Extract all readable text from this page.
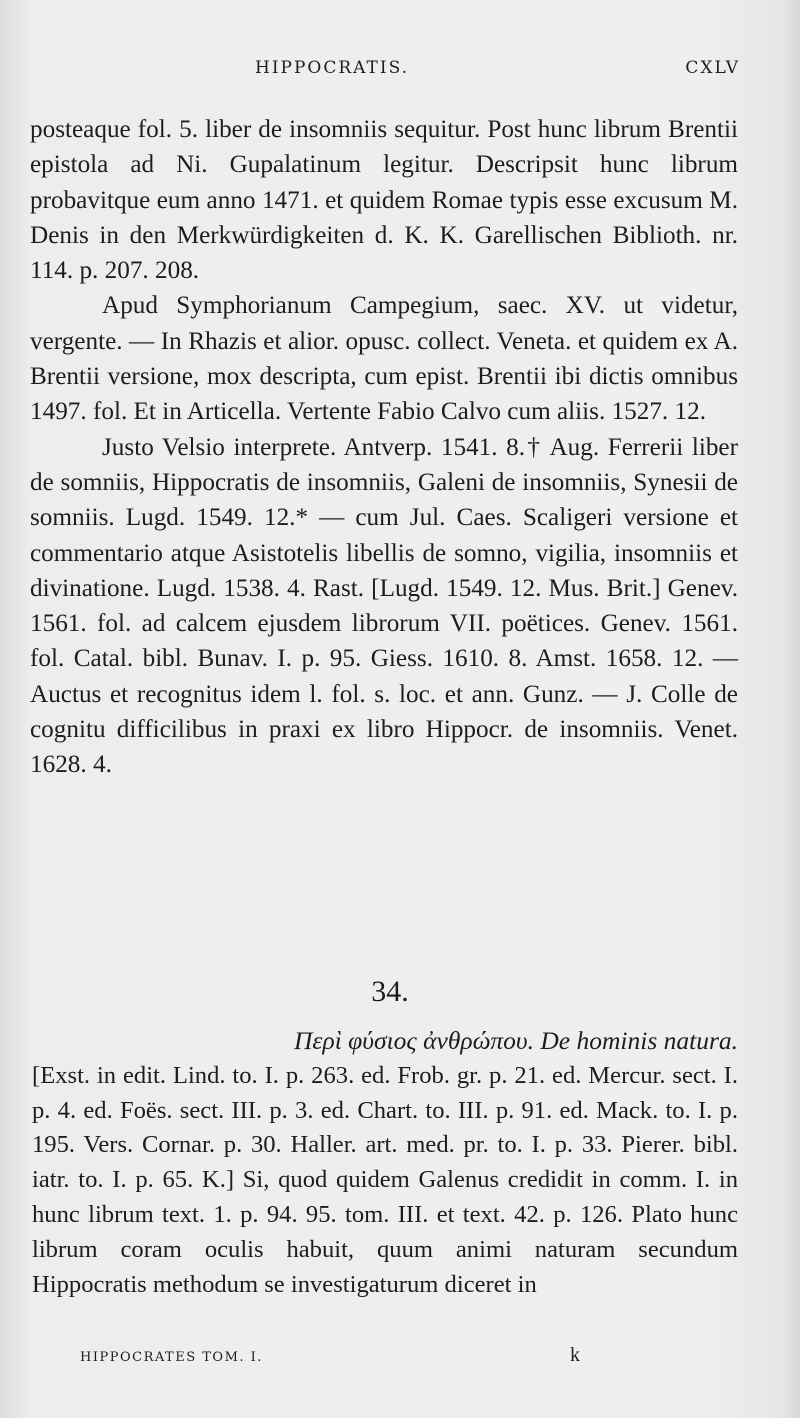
HIPPOCRATIS.	CXLV

posteaque fol. 5. liber de insomniis sequitur. Post hunc librum Brentii epistola ad Ni. Gupalatinum legitur. Descripsit hunc librum probavitque eum anno 1471. et quidem Romae typis esse excusum M. Denis in den Merkwürdigkeiten d. K. K. Garellischen Biblioth. nr. 114. p. 207. 208.

Apud Symphorianum Campegium, saec. XV. ut videtur, vergente. — In Rhazis et alior. opusc. collect. Veneta. et quidem ex A. Brentii versione, mox descripta, cum epist. Brentii ibi dictis omnibus 1497. fol. Et in Articella. Vertente Fabio Calvo cum aliis. 1527. 12.

Justo Velsio interprete. Antverp. 1541. 8.† Aug. Ferrerii liber de somniis, Hippocratis de insomniis, Galeni de insomniis, Synesii de somniis. Lugd. 1549. 12.* — cum Jul. Caes. Scaligeri versione et commentario atque Asistotelis libellis de somno, vigilia, insomniis et divinatione. Lugd. 1538. 4. Rast. [Lugd. 1549. 12. Mus. Brit.] Genev. 1561. fol. ad calcem ejusdem librorum VII. poëtices. Genev. 1561. fol. Catal. bibl. Bunav. I. p. 95. Giess. 1610. 8. Amst. 1658. 12. — Auctus et recognitus idem l. fol. s. loc. et ann. Gunz. — J. Colle de cognitu difficilibus in praxi ex libro Hippocr. de insomniis. Venet. 1628. 4.

34.

Περὶ φύσιος ἀνθρώπου. De hominis natura.

[Exst. in edit. Lind. to. I. p. 263. ed. Frob. gr. p. 21. ed. Mercur. sect. I. p. 4. ed. Foës. sect. III. p. 3. ed. Chart. to. III. p. 91. ed. Mack. to. I. p. 195. Vers. Cornar. p. 30. Haller. art. med. pr. to. I. p. 33. Pierer. bibl. iatr. to. I. p. 65. K.] Si, quod quidem Galenus credidit in comm. I. in hunc librum text. 1. p. 94. 95. tom. III. et text. 42. p. 126. Plato hunc librum coram oculis habuit, quum animi naturam secundum Hippocratis methodum se investigaturum diceret in

HIPPOCRATES TOM. I.	k
